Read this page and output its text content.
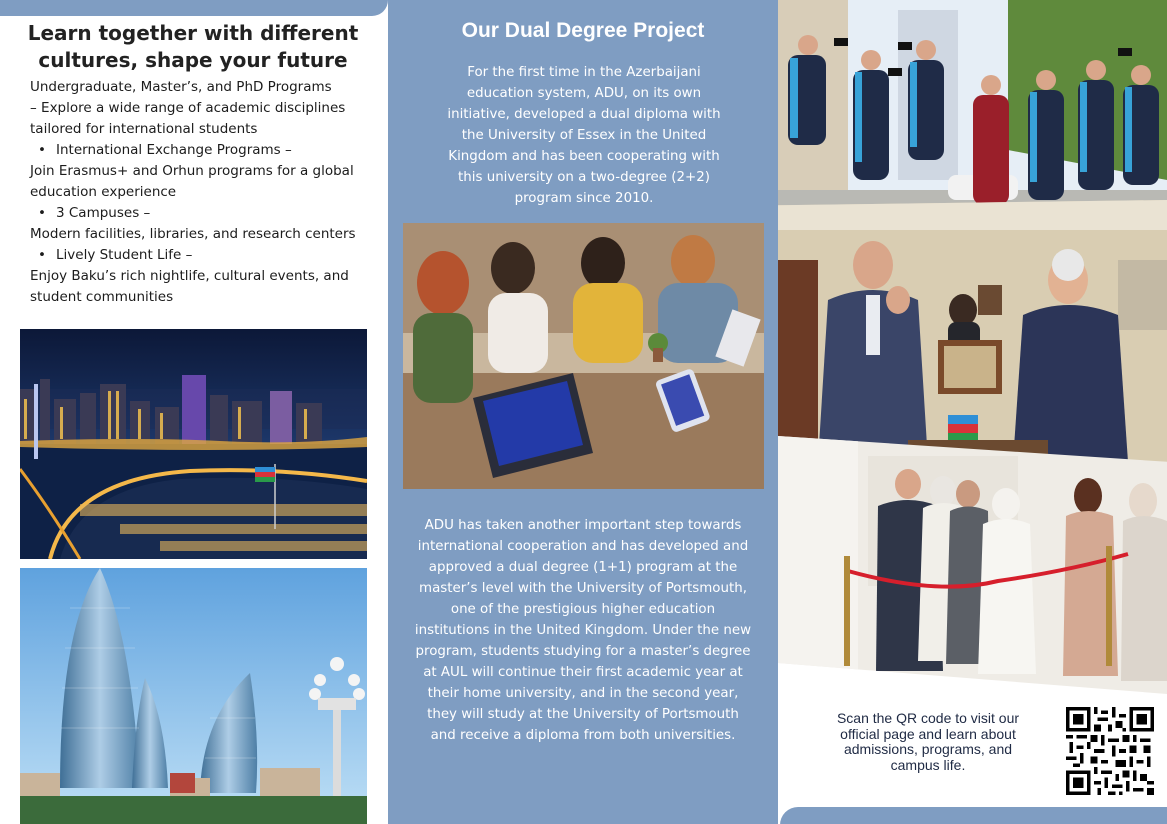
Learn together with different cultures, shape your future

Undergraduate, Master’s, and PhD Programs

– Explore a wide range of academic disciplines tailored for international students

• International Exchange Programs –

Join Erasmus+ and Orhun programs for a global education experience

• 3 Campuses –

Modern facilities, libraries, and research centers

• Lively Student Life –

Enjoy Baku’s rich nightlife, cultural events, and student communities

Our Dual Degree Project

For the first time in the Azerbaijani education system, ADU, on its own initiative, developed a dual diploma with the University of Essex in the United Kingdom and has been cooperating with this university on a two-degree (2+2) program since 2010.

ADU has taken another important step towards international cooperation and has developed and approved a dual degree (1+1) program at the master’s level with the University of Portsmouth, one of the prestigious higher education institutions in the United Kingdom. Under the new program, students studying for a master’s degree at AUL will continue their first academic year at their home university, and in the second year, they will study at the University of Portsmouth and receive a diploma from both universities.

Scan the QR code to visit our official page and learn about admissions, programs, and campus life.
